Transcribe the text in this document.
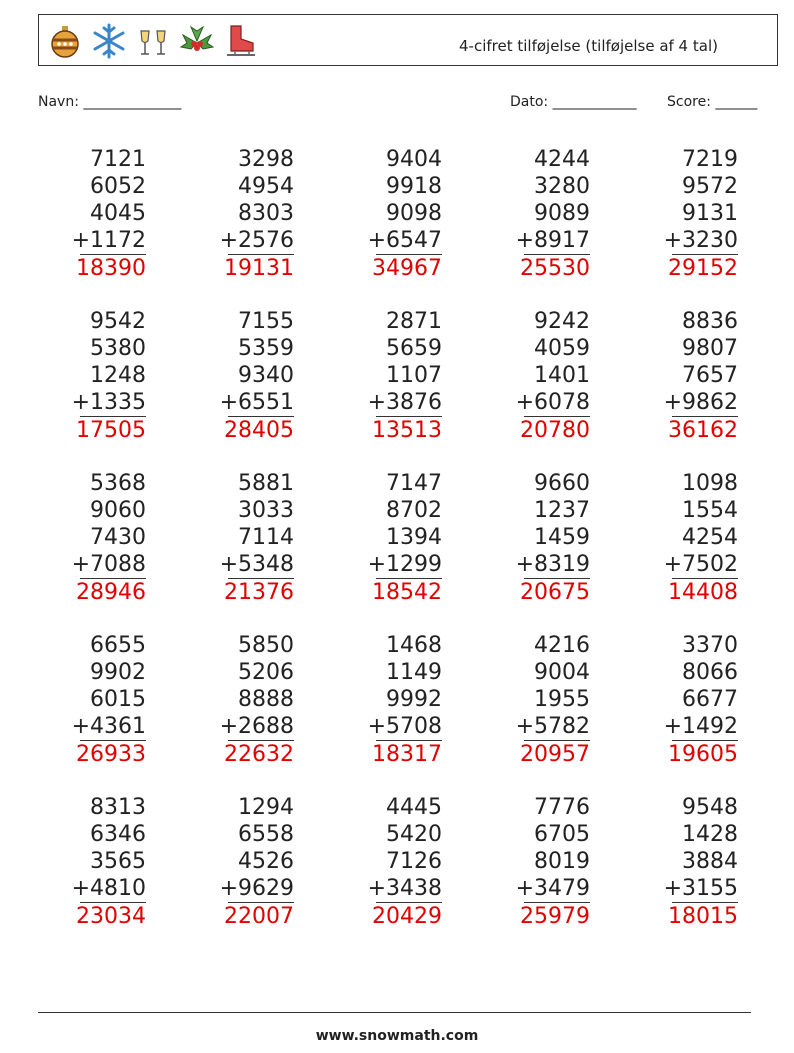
4-cifret tilføjelse (tilføjelse af 4 tal)
Navn: ______________	Dato: ____________ Score: ______
7121
6052
4045
+1172
18390
3298
4954
8303
+2576
19131
9404
9918
9098
+6547
34967
4244
3280
9089
+8917
25530
7219
9572
9131
+3230
29152
9542
5380
1248
+1335
17505
7155
5359
9340
+6551
28405
2871
5659
1107
+3876
13513
9242
4059
1401
+6078
20780
8836
9807
7657
+9862
36162
5368
9060
7430
+7088
28946
5881
3033
7114
+5348
21376
7147
8702
1394
+1299
18542
9660
1237
1459
+8319
20675
1098
1554
4254
+7502
14408
6655
9902
6015
+4361
26933
5850
5206
8888
+2688
22632
1468
1149
9992
+5708
18317
4216
9004
1955
+5782
20957
3370
8066
6677
+1492
19605
8313
6346
3565
+4810
23034
1294
6558
4526
+9629
22007
4445
5420
7126
+3438
20429
7776
6705
8019
+3479
25979
9548
1428
3884
+3155
18015
www.snowmath.com
